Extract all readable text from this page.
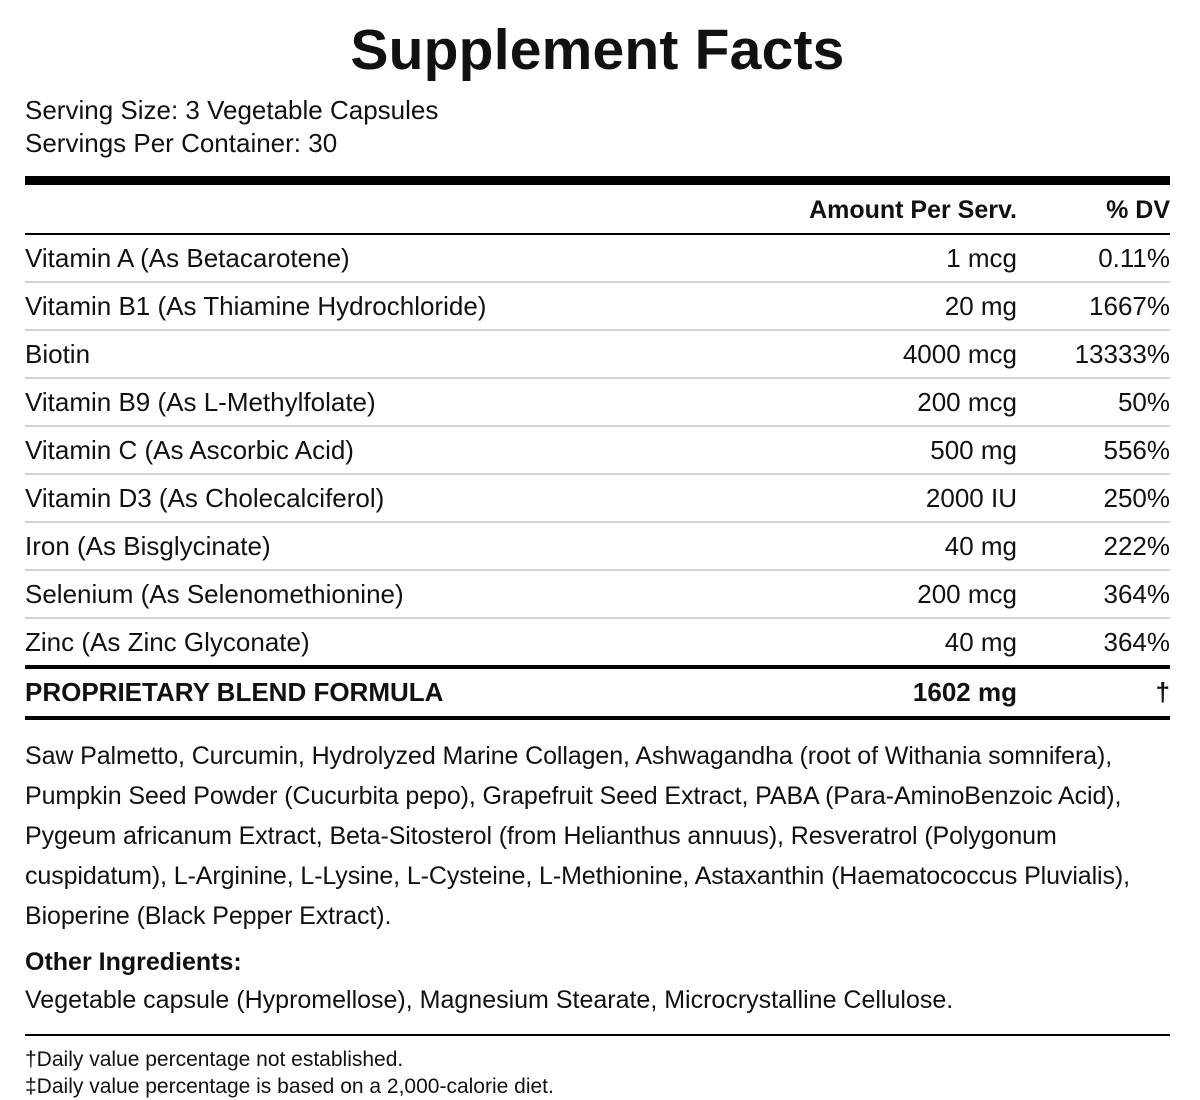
Supplement Facts
Serving Size: 3 Vegetable Capsules
Servings Per Container: 30
Amount Per Serv.	% DV
Vitamin A (As Betacarotene)	1 mcg	0.11%
Vitamin B1 (As Thiamine Hydrochloride)	20 mg	1667%
Biotin	4000 mcg	13333%
Vitamin B9 (As L-Methylfolate)	200 mcg	50%
Vitamin C (As Ascorbic Acid)	500 mg	556%
Vitamin D3 (As Cholecalciferol)	2000 IU	250%
Iron (As Bisglycinate)	40 mg	222%
Selenium (As Selenomethionine)	200 mcg	364%
Zinc (As Zinc Glyconate)	40 mg	364%
PROPRIETARY BLEND FORMULA	1602 mg	†
Saw Palmetto, Curcumin, Hydrolyzed Marine Collagen, Ashwagandha (root of Withania somnifera), Pumpkin Seed Powder (Cucurbita pepo), Grapefruit Seed Extract, PABA (Para-AminoBenzoic Acid), Pygeum africanum Extract, Beta-Sitosterol (from Helianthus annuus), Resveratrol (Polygonum cuspidatum), L-Arginine, L-Lysine, L-Cysteine, L-Methionine, Astaxanthin (Haematococcus Pluvialis), Bioperine (Black Pepper Extract).
Other Ingredients:
Vegetable capsule (Hypromellose), Magnesium Stearate, Microcrystalline Cellulose.
†Daily value percentage not established.
‡Daily value percentage is based on a 2,000-calorie diet.
